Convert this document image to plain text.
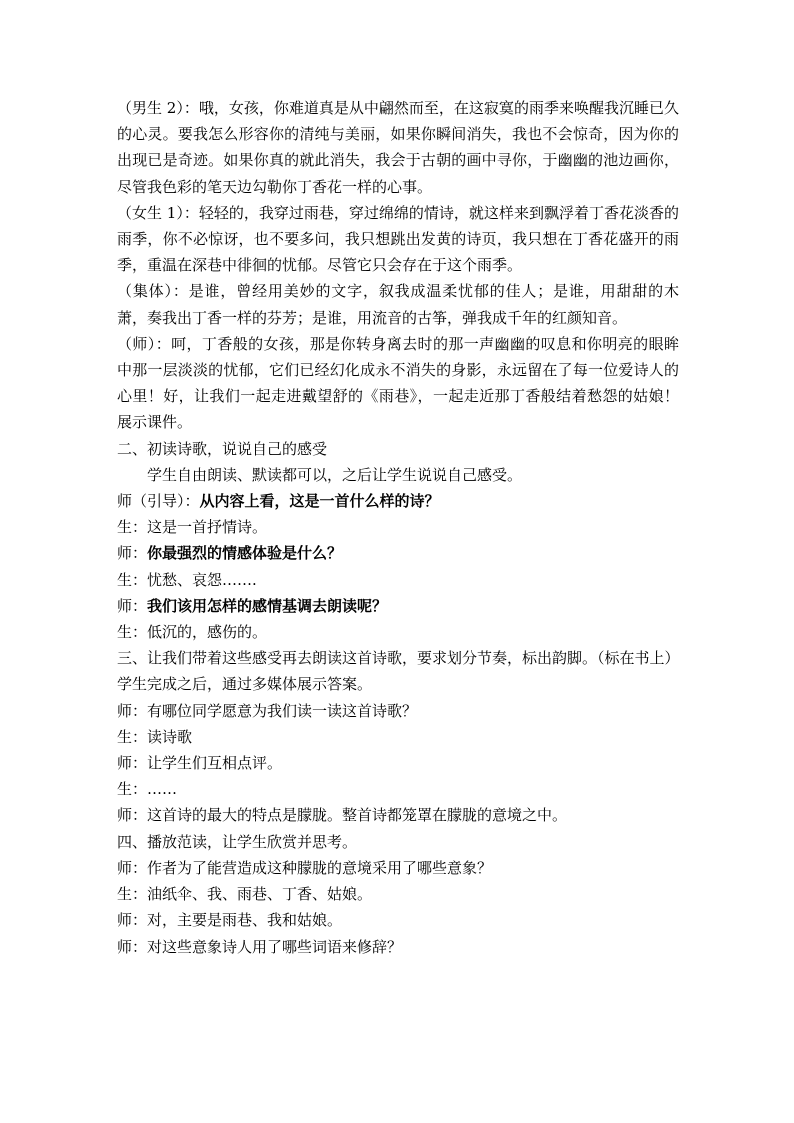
（男生 2）：哦，女孩，你难道真是从中翩然而至，在这寂寞的雨季来唤醒我沉睡已久的心灵。要我怎么形容你的清纯与美丽，如果你瞬间消失，我也不会惊奇，因为你的出现已是奇迹。如果你真的就此消失，我会于古朝的画中寻你，于幽幽的池边画你，尽管我色彩的笔天边勾勒你丁香花一样的心事。

（女生 1）：轻轻的，我穿过雨巷，穿过绵绵的情诗，就这样来到飘浮着丁香花淡香的雨季，你不必惊讶，也不要多问，我只想跳出发黄的诗页，我只想在丁香花盛开的雨季，重温在深巷中徘徊的忧郁。尽管它只会存在于这个雨季。

（集体）：是谁，曾经用美妙的文字，叙我成温柔忧郁的佳人；是谁，用甜甜的木萧，奏我出丁香一样的芬芳；是谁，用流音的古筝，弹我成千年的红颜知音。

（师）：呵，丁香般的女孩，那是你转身离去时的那一声幽幽的叹息和你明亮的眼眸中那一层淡淡的忧郁，它们已经幻化成永不消失的身影，永远留在了每一位爱诗人的心里！好，让我们一起走进戴望舒的《雨巷》，一起走近那丁香般结着愁怨的姑娘！展示课件。

二、初读诗歌，说说自己的感受

学生自由朗读、默读都可以，之后让学生说说自己感受。

师（引导）：从内容上看，这是一首什么样的诗？

生：这是一首抒情诗。

师：你最强烈的情感体验是什么？

生：忧愁、哀怨…….

师：我们该用怎样的感情基调去朗读呢？

生：低沉的，感伤的。

三、让我们带着这些感受再去朗读这首诗歌，要求划分节奏，标出韵脚。（标在书上）

学生完成之后，通过多媒体展示答案。

师：有哪位同学愿意为我们读一读这首诗歌？

生：读诗歌

师：让学生们互相点评。

生：……

师：这首诗的最大的特点是朦胧。整首诗都笼罩在朦胧的意境之中。

四、播放范读，让学生欣赏并思考。

师：作者为了能营造成这种朦胧的意境采用了哪些意象？

生：油纸伞、我、雨巷、丁香、姑娘。

师：对，主要是雨巷、我和姑娘。

师：对这些意象诗人用了哪些词语来修辞？
